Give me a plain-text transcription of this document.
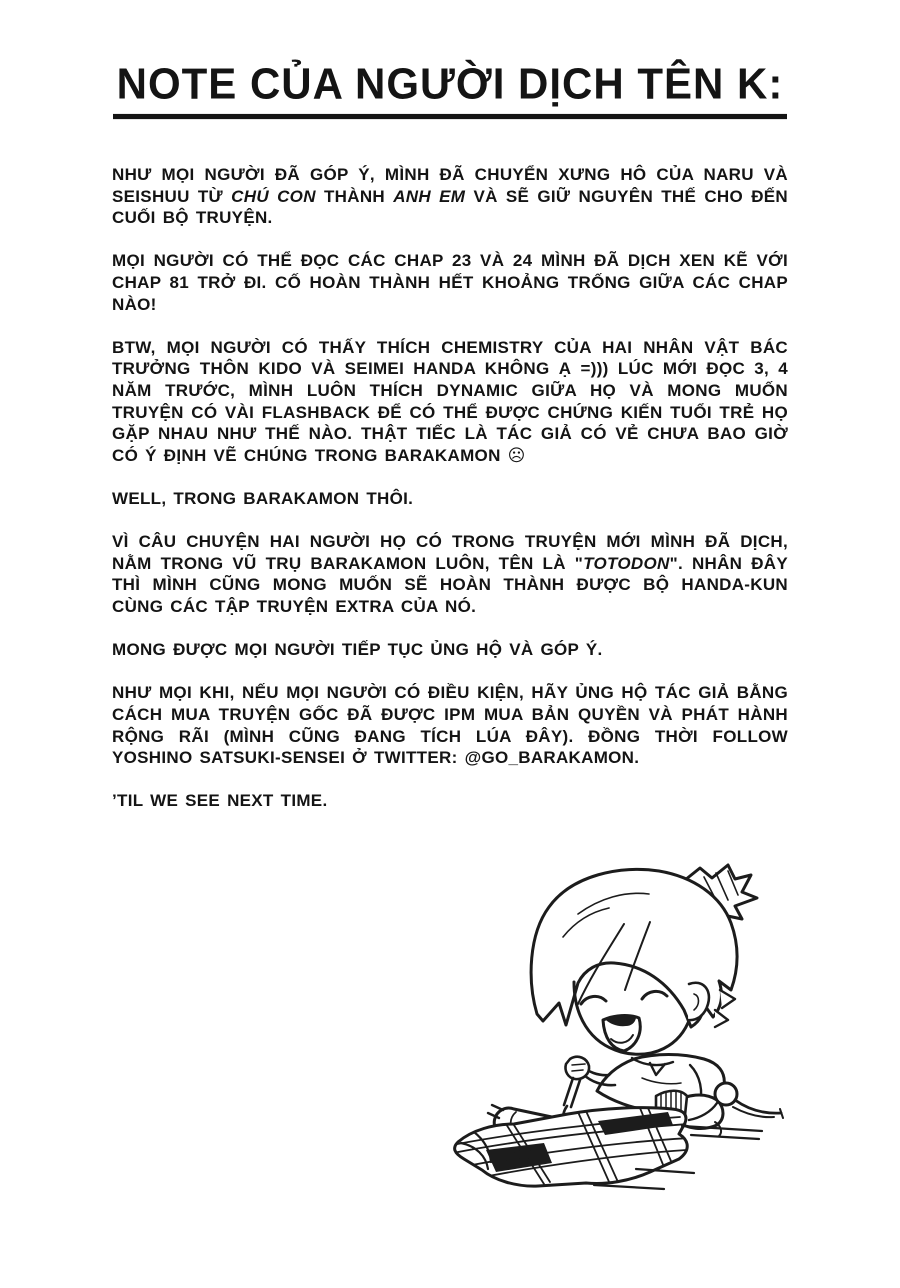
NOTE CỦA NGƯỜI DỊCH TÊN K:

NHƯ MỌI NGƯỜI ĐÃ GÓP Ý, MÌNH ĐÃ CHUYỂN XƯNG HÔ CỦA NARU VÀ SEISHUU TỪ CHÚ CON THÀNH ANH EM VÀ SẼ GIỮ NGUYÊN THẾ CHO ĐẾN CUỐI BỘ TRUYỆN.

MỌI NGƯỜI CÓ THỂ ĐỌC CÁC CHAP 23 VÀ 24 MÌNH ĐÃ DỊCH XEN KẼ VỚI CHAP 81 TRỞ ĐI. CỐ HOÀN THÀNH HẾT KHOẢNG TRỐNG GIỮA CÁC CHAP NÀO!

BTW, MỌI NGƯỜI CÓ THẤY THÍCH CHEMISTRY CỦA HAI NHÂN VẬT BÁC TRƯỞNG THÔN KIDO VÀ SEIMEI HANDA KHÔNG Ạ =))) LÚC MỚI ĐỌC 3, 4 NĂM TRƯỚC, MÌNH LUÔN THÍCH DYNAMIC GIỮA HỌ VÀ MONG MUỐN TRUYỆN CÓ VÀI FLASHBACK ĐỂ CÓ THỂ ĐƯỢC CHỨNG KIẾN TUỔI TRẺ HỌ GẶP NHAU NHƯ THẾ NÀO. THẬT TIẾC LÀ TÁC GIẢ CÓ VẺ CHƯA BAO GIỜ CÓ Ý ĐỊNH VẼ CHÚNG TRONG BARAKAMON ☹

WELL, TRONG BARAKAMON THÔI.

VÌ CÂU CHUYỆN HAI NGƯỜI HỌ CÓ TRONG TRUYỆN MỚI MÌNH ĐÃ DỊCH, NẰM TRONG VŨ TRỤ BARAKAMON LUÔN, TÊN LÀ "TOTODON". NHÂN ĐÂY THÌ MÌNH CŨNG MONG MUỐN SẼ HOÀN THÀNH ĐƯỢC BỘ HANDA-KUN CÙNG CÁC TẬP TRUYỆN EXTRA CỦA NÓ.

MONG ĐƯỢC MỌI NGƯỜI TIẾP TỤC ỦNG HỘ VÀ GÓP Ý.

NHƯ MỌI KHI, NẾU MỌI NGƯỜI CÓ ĐIỀU KIỆN, HÃY ỦNG HỘ TÁC GIẢ BẰNG CÁCH MUA TRUYỆN GỐC ĐÃ ĐƯỢC IPM MUA BẢN QUYỀN VÀ PHÁT HÀNH RỘNG RÃI (MÌNH CŨNG ĐANG TÍCH LÚA ĐÂY). ĐỒNG THỜI FOLLOW YOSHINO SATSUKI-SENSEI Ở TWITTER: @GO_BARAKAMON.

’TIL WE SEE NEXT TIME.
